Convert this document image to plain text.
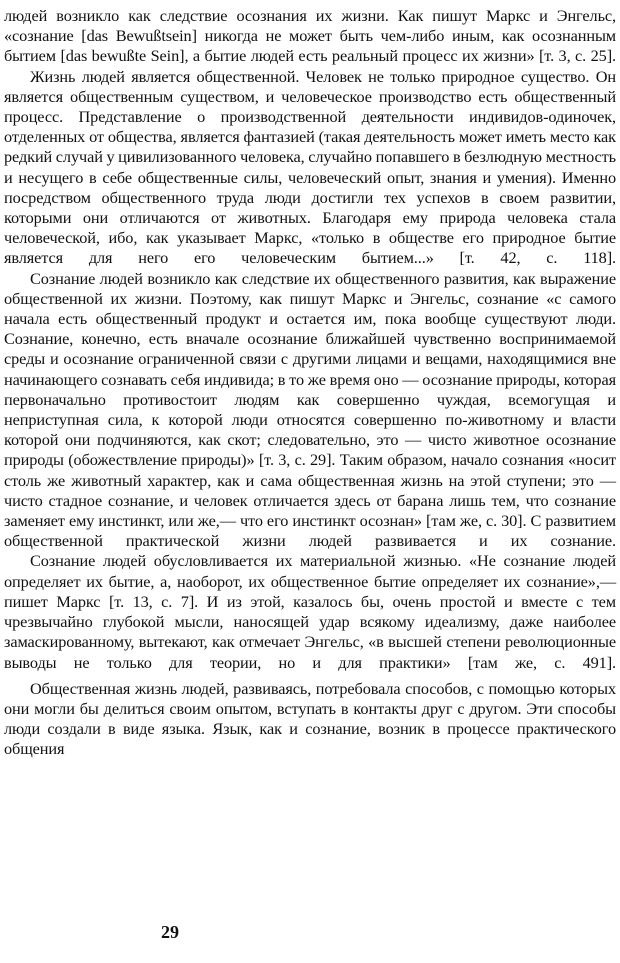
людей возникло как следствие осознания их жизни. Как пишут Маркс и Энгельс, «сознание [das Bewußtsein] никогда не может быть чем-либо иным, как осознанным бытием [das bewußte Sein], а бытие людей есть реальный процесс их жизни» [т. 3, с. 25].

Жизнь людей является общественной. Человек не только природное существо. Он является общественным существом, и человеческое производство есть общественный процесс. Представление о производственной деятельности индивидов-одиночек, отделенных от общества, является фантазией (такая деятельность может иметь место как редкий случай у цивилизованного человека, случайно попавшего в безлюдную местность и несущего в себе общественные силы, человеческий опыт, знания и умения). Именно посредством общественного труда люди достигли тех успехов в своем развитии, которыми они отличаются от животных. Благодаря ему природа человека стала человеческой, ибо, как указывает Маркс, «только в обществе его природное бытие является для него его человеческим бытием...» [т. 42, с. 118].

Сознание людей возникло как следствие их общественного развития, как выражение общественной их жизни. Поэтому, как пишут Маркс и Энгельс, сознание «с самого начала есть общественный продукт и остается им, пока вообще существуют люди. Сознание, конечно, есть вначале осознание ближайшей чувственно воспринимаемой среды и осознание ограниченной связи с другими лицами и вещами, находящимися вне начинающего сознавать себя индивида; в то же время оно — осознание природы, которая первоначально противостоит людям как совершенно чуждая, всемогущая и неприступная сила, к которой люди относятся совершенно по-животному и власти которой они подчиняются, как скот; следовательно, это — чисто животное осознание природы (обожествление природы)» [т. 3, с. 29]. Таким образом, начало сознания «носит столь же животный характер, как и сама общественная жизнь на этой ступени; это — чисто стадное сознание, и человек отличается здесь от барана лишь тем, что сознание заменяет ему инстинкт, или же,— что его инстинкт осознан» [там же, с. 30]. С развитием общественной практической жизни людей развивается и их сознание.

Сознание людей обусловливается их материальной жизнью. «Не сознание людей определяет их бытие, а, наоборот, их общественное бытие определяет их сознание»,— пишет Маркс [т. 13, с. 7]. И из этой, казалось бы, очень простой и вместе с тем чрезвычайно глубокой мысли, наносящей удар всякому идеализму, даже наиболее замаскированному, вытекают, как отмечает Энгельс, «в высшей степени революционные выводы не только для теории, но и для практики» [там же, с. 491].

Общественная жизнь людей, развиваясь, потребовала способов, с помощью которых они могли бы делиться своим опытом, вступать в контакты друг с другом. Эти способы люди создали в виде языка. Язык, как и сознание, возник в процессе практического общения

29
